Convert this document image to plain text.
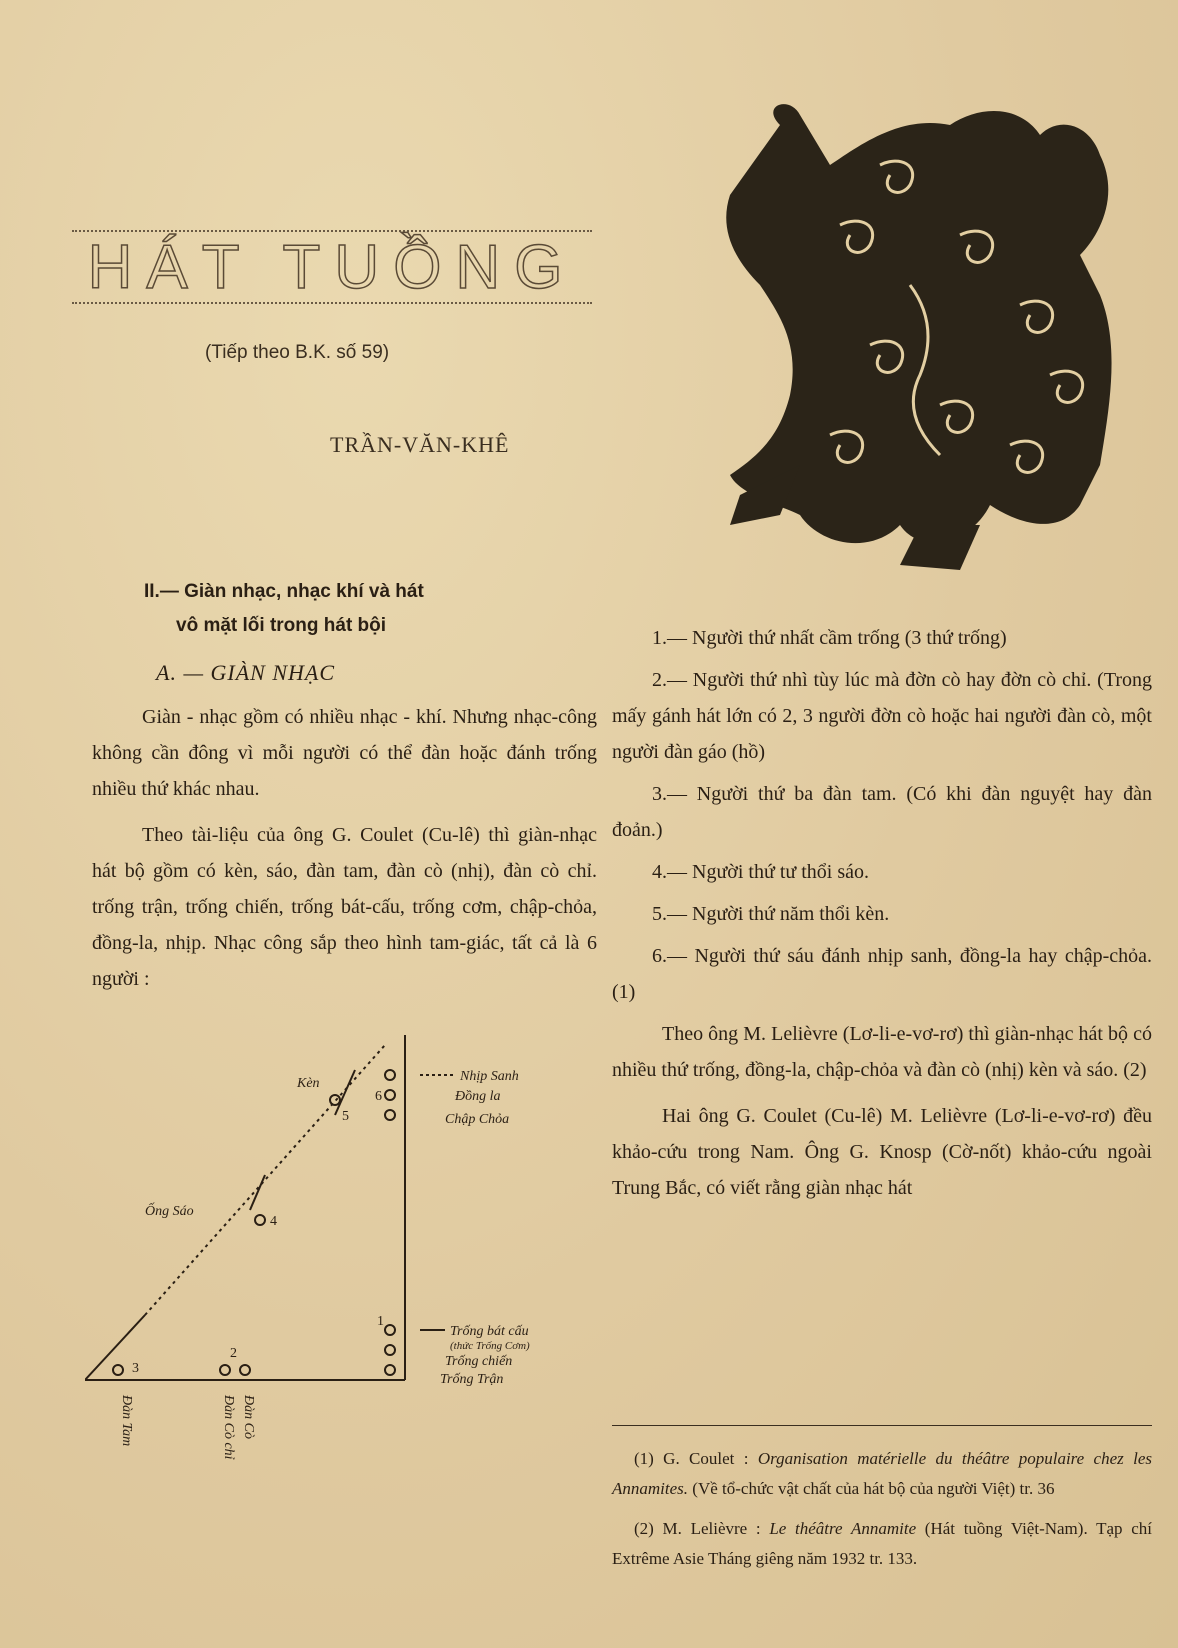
HÁT TUỒNG
(Tiếp theo B.K. số 59)
TRẦN-VĂN-KHÊ
II.— Giàn nhạc, nhạc khí và hát
vô mặt lối trong hát bội
A. — GIÀN NHẠC

Giàn - nhạc gồm có nhiều nhạc - khí. Nhưng nhạc-công không cần đông vì mỗi người có thể đàn hoặc đánh trống nhiều thứ khác nhau.

Theo tài-liệu của ông G. Coulet (Cu-lê) thì giàn-nhạc hát bộ gồm có kèn, sáo, đàn tam, đàn cò (nhị), đàn cò chỉ. trống trận, trống chiến, trống bát-cấu, trống cơm, chập-chỏa, đồng-la, nhịp. Nhạc công sắp theo hình tam-giác, tất cả là 6 người :

Kèn
5
6
Nhịp Sanh
Đồng la
Chập Chỏa
Ống Sáo
4
Trống bát cấu
(thức Trống Cơm)
Trống chiến
Trống Trận
3
2
1
Đàn Tam	Đàn Cò
Đàn Cò chỉ

1.— Người thứ nhất cầm trống (3 thứ trống)

2.— Người thứ nhì tùy lúc mà đờn cò hay đờn cò chỉ. (Trong mấy gánh hát lớn có 2, 3 người đờn cò hoặc hai người đàn cò, một người đàn gáo (hồ)

3.— Người thứ ba đàn tam. (Có khi đàn nguyệt hay đàn đoản.)

4.— Người thứ tư thổi sáo.

5.— Người thứ năm thổi kèn.

6.— Người thứ sáu đánh nhịp sanh, đồng-la hay chập-chỏa. (1)

Theo ông M. Lelièvre (Lơ-li-e-vơ-rơ) thì giàn-nhạc hát bộ có nhiều thứ trống, đồng-la, chập-chỏa và đàn cò (nhị) kèn và sáo. (2)

Hai ông G. Coulet (Cu-lê) M. Lelièvre (Lơ-li-e-vơ-rơ) đều khảo-cứu trong Nam. Ông G. Knosp (Cờ-nốt) khảo-cứu ngoài Trung Bắc, có viết rằng giàn nhạc hát

(1) G. Coulet : Organisation matérielle du théâtre populaire chez les Annamites. (Về tổ-chức vật chất của hát bộ của người Việt) tr. 36

(2) M. Lelièvre : Le théâtre Annamite (Hát tuồng Việt-Nam). Tạp chí Extrême Asie Tháng giêng năm 1932 tr. 133.
